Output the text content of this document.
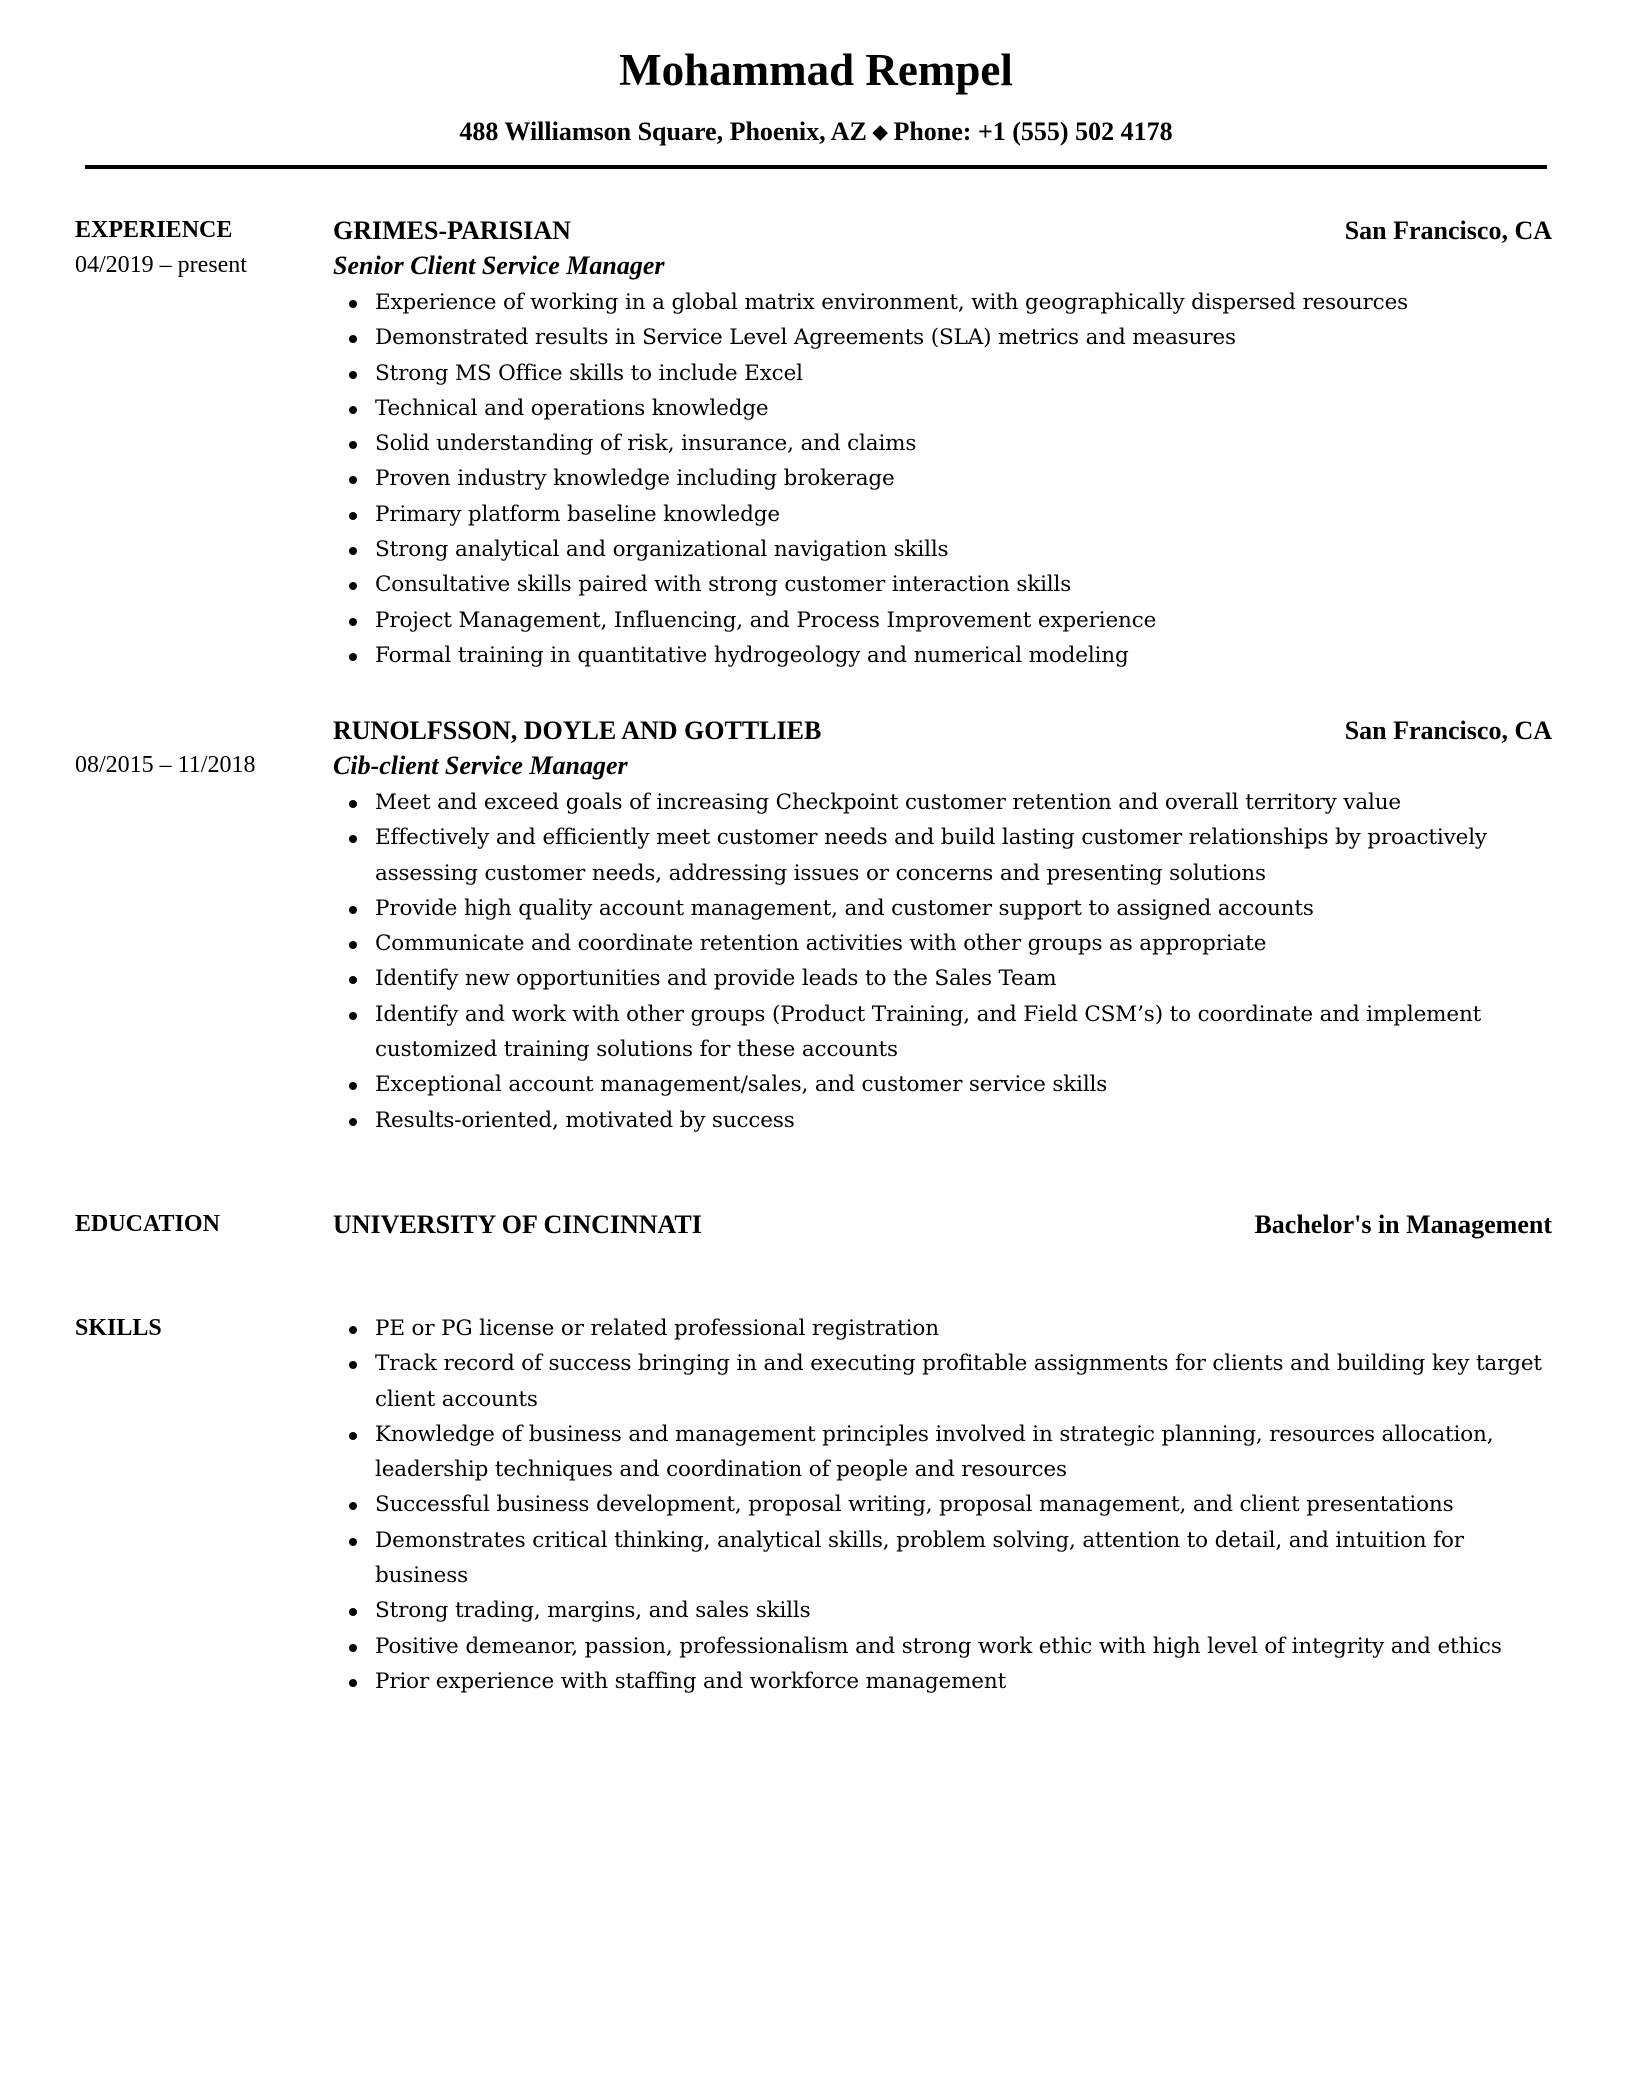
Mohammad Rempel
488 Williamson Square, Phoenix, AZ ◆ Phone: +1 (555) 502 4178
EXPERIENCE
04/2019 – present
GRIMES-PARISIAN	San Francisco, CA
Senior Client Service Manager
Experience of working in a global matrix environment, with geographically dispersed resources
Demonstrated results in Service Level Agreements (SLA) metrics and measures
Strong MS Office skills to include Excel
Technical and operations knowledge
Solid understanding of risk, insurance, and claims
Proven industry knowledge including brokerage
Primary platform baseline knowledge
Strong analytical and organizational navigation skills
Consultative skills paired with strong customer interaction skills
Project Management, Influencing, and Process Improvement experience
Formal training in quantitative hydrogeology and numerical modeling
08/2015 – 11/2018
RUNOLFSSON, DOYLE AND GOTTLIEB	San Francisco, CA
Cib-client Service Manager
Meet and exceed goals of increasing Checkpoint customer retention and overall territory value
Effectively and efficiently meet customer needs and build lasting customer relationships by proactively assessing customer needs, addressing issues or concerns and presenting solutions
Provide high quality account management, and customer support to assigned accounts
Communicate and coordinate retention activities with other groups as appropriate
Identify new opportunities and provide leads to the Sales Team
Identify and work with other groups (Product Training, and Field CSM’s) to coordinate and implement customized training solutions for these accounts
Exceptional account management/sales, and customer service skills
Results-oriented, motivated by success
EDUCATION	UNIVERSITY OF CINCINNATI	Bachelor's in Management
SKILLS	PE or PG license or related professional registration
Track record of success bringing in and executing profitable assignments for clients and building key target client accounts
Knowledge of business and management principles involved in strategic planning, resources allocation, leadership techniques and coordination of people and resources
Successful business development, proposal writing, proposal management, and client presentations
Demonstrates critical thinking, analytical skills, problem solving, attention to detail, and intuition for business
Strong trading, margins, and sales skills
Positive demeanor, passion, professionalism and strong work ethic with high level of integrity and ethics
Prior experience with staffing and workforce management
